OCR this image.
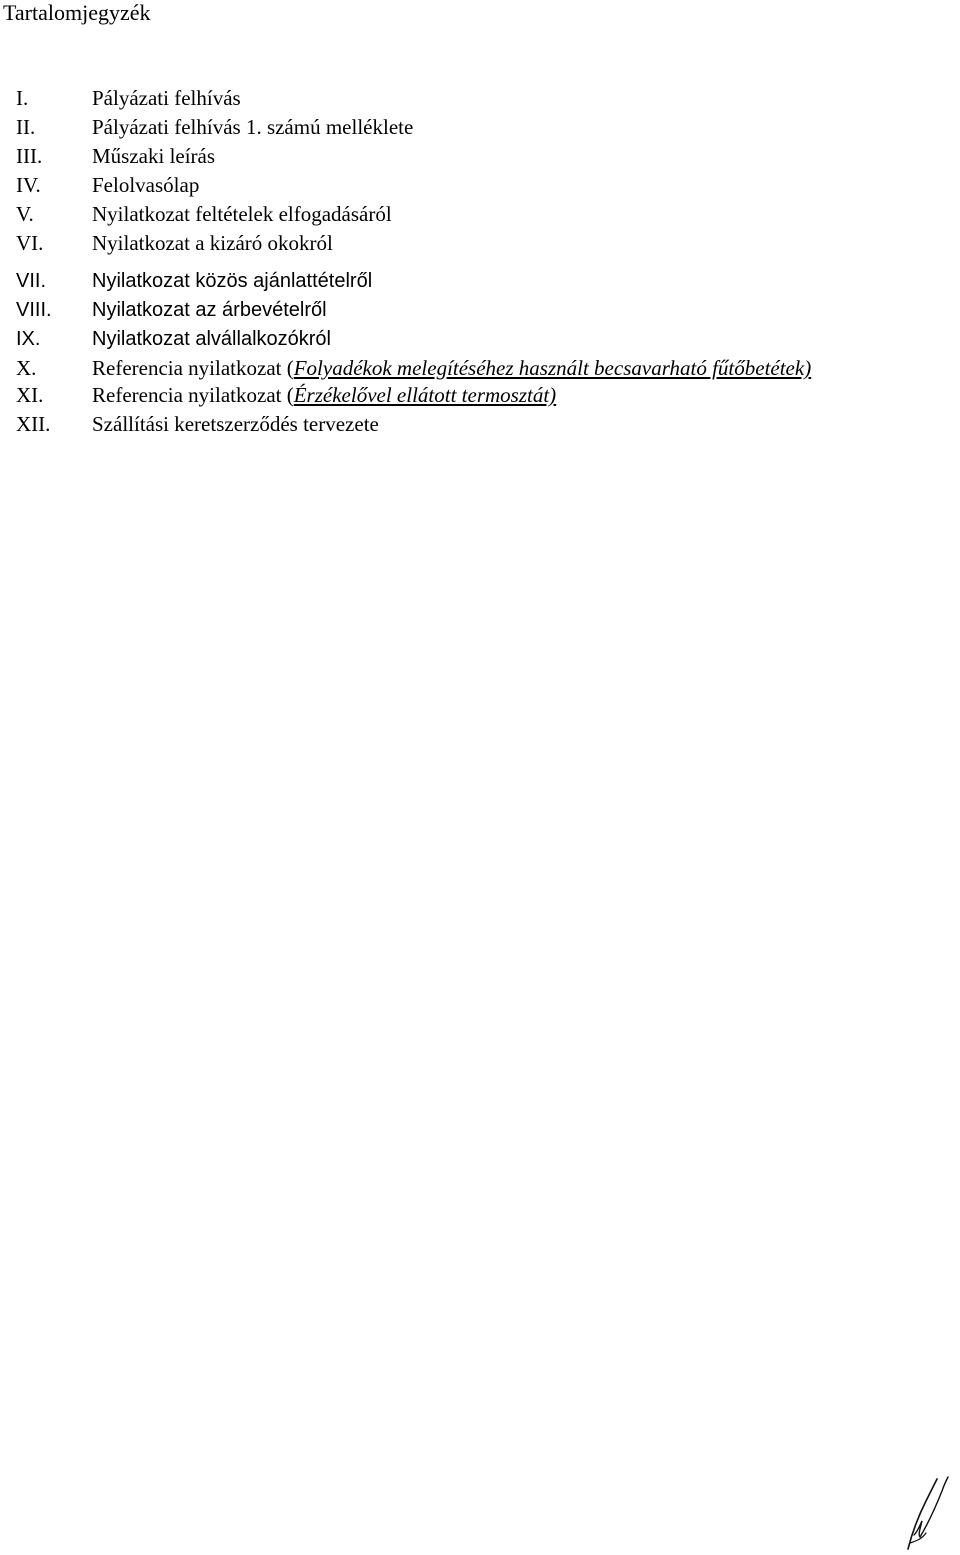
Tartalomjegyzék
I.	Pályázati felhívás
II.	Pályázati felhívás 1. számú melléklete
III. Műszaki leírás
IV. Felolvasólap
V.	Nyilatkozat feltételek elfogadásáról
VI. Nyilatkozat a kizáró okokról
VII. Nyilatkozat közös ajánlattételről
VIII. Nyilatkozat az árbevételről
IX.	Nyilatkozat alvállalkozókról
X.	Referencia nyilatkozat (Folyadékok melegítéséhez használt becsavarható fűtőbetétek)
XI. Referencia nyilatkozat (Érzékelővel ellátott termosztát)
XII. Szállítási keretszerződés tervezete
